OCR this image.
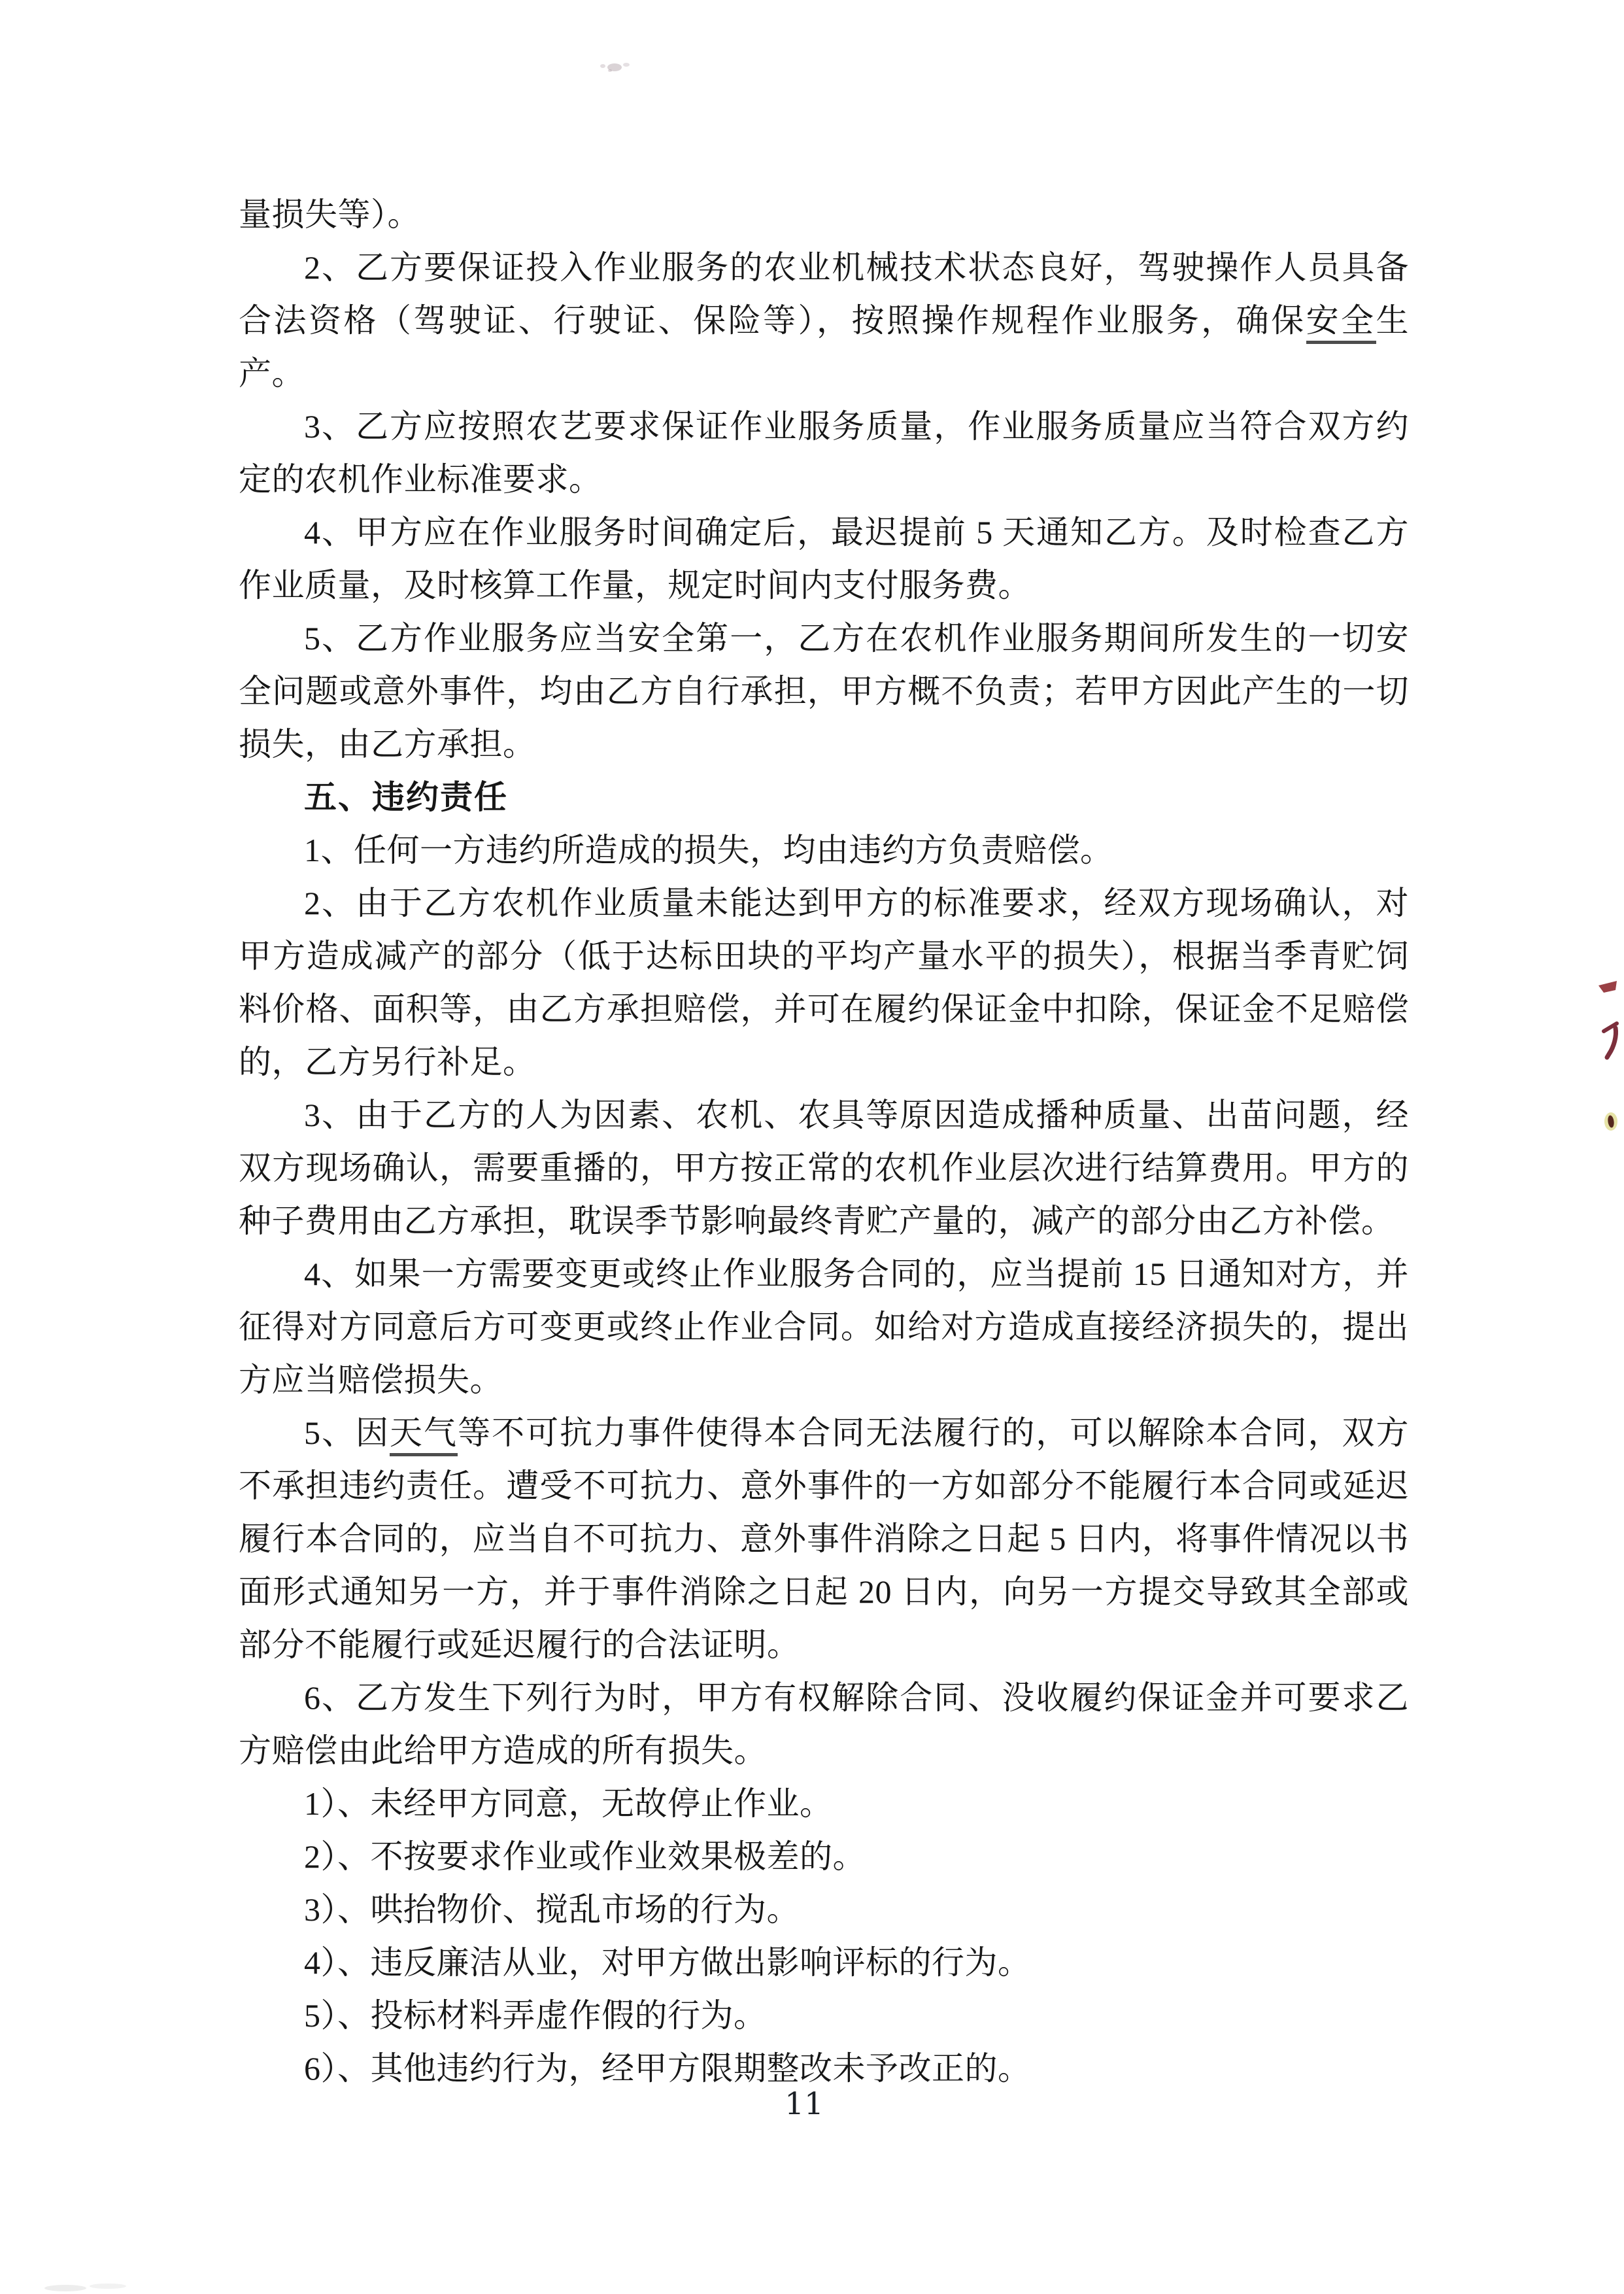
量损失等）。

2、乙方要保证投入作业服务的农业机械技术状态良好，驾驶操作人员具备合法资格（驾驶证、行驶证、保险等），按照操作规程作业服务，确保安全生产。

3、乙方应按照农艺要求保证作业服务质量，作业服务质量应当符合双方约定的农机作业标准要求。

4、甲方应在作业服务时间确定后，最迟提前 5 天通知乙方。及时检查乙方作业质量，及时核算工作量，规定时间内支付服务费。

5、乙方作业服务应当安全第一，乙方在农机作业服务期间所发生的一切安全问题或意外事件，均由乙方自行承担，甲方概不负责；若甲方因此产生的一切损失，由乙方承担。

五、违约责任

1、任何一方违约所造成的损失，均由违约方负责赔偿。

2、由于乙方农机作业质量未能达到甲方的标准要求，经双方现场确认，对甲方造成减产的部分（低于达标田块的平均产量水平的损失），根据当季青贮饲料价格、面积等，由乙方承担赔偿，并可在履约保证金中扣除，保证金不足赔偿的，乙方另行补足。

3、由于乙方的人为因素、农机、农具等原因造成播种质量、出苗问题，经双方现场确认，需要重播的，甲方按正常的农机作业层次进行结算费用。甲方的种子费用由乙方承担，耽误季节影响最终青贮产量的，减产的部分由乙方补偿。

4、如果一方需要变更或终止作业服务合同的，应当提前 15 日通知对方，并征得对方同意后方可变更或终止作业合同。如给对方造成直接经济损失的，提出方应当赔偿损失。

5、因天气等不可抗力事件使得本合同无法履行的，可以解除本合同，双方不承担违约责任。遭受不可抗力、意外事件的一方如部分不能履行本合同或延迟履行本合同的，应当自不可抗力、意外事件消除之日起 5 日内，将事件情况以书面形式通知另一方，并于事件消除之日起 20 日内，向另一方提交导致其全部或部分不能履行或延迟履行的合法证明。

6、乙方发生下列行为时，甲方有权解除合同、没收履约保证金并可要求乙方赔偿由此给甲方造成的所有损失。

1）、未经甲方同意，无故停止作业。

2）、不按要求作业或作业效果极差的。

3）、哄抬物价、搅乱市场的行为。

4）、违反廉洁从业，对甲方做出影响评标的行为。

5）、投标材料弄虚作假的行为。

6）、其他违约行为，经甲方限期整改未予改正的。

11
